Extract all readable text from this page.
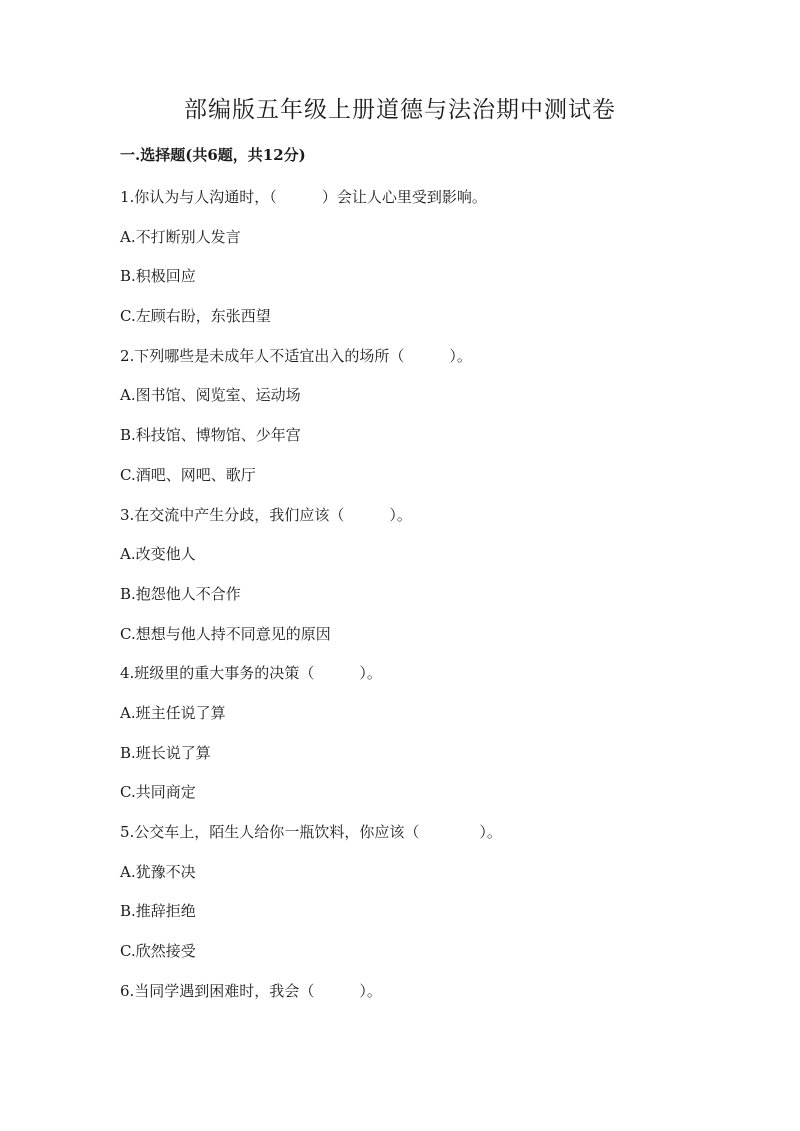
部编版五年级上册道德与法治期中测试卷
一.选择题(共6题，共12分)
1.你认为与人沟通时，（　　　）会让人心里受到影响。
A.不打断别人发言
B.积极回应
C.左顾右盼，东张西望
2.下列哪些是未成年人不适宜出入的场所（　　　）。
A.图书馆、阅览室、运动场
B.科技馆、博物馆、少年宫
C.酒吧、网吧、歌厅
3.在交流中产生分歧，我们应该（　　　）。
A.改变他人
B.抱怨他人不合作
C.想想与他人持不同意见的原因
4.班级里的重大事务的决策（　　　）。
A.班主任说了算
B.班长说了算
C.共同商定
5.公交车上，陌生人给你一瓶饮料，你应该（　　　　）。
A.犹豫不决
B.推辞拒绝
C.欣然接受
6.当同学遇到困难时，我会（　　　）。
